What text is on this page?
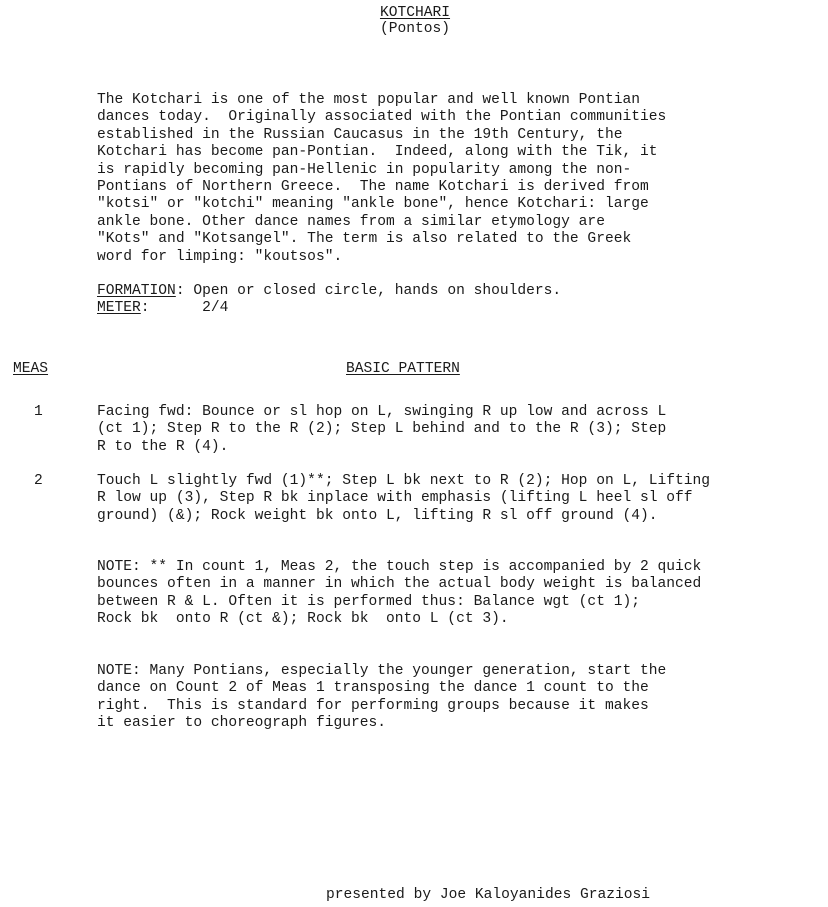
KOTCHARI
(Pontos)
The Kotchari is one of the most popular and well known Pontian
dances today.  Originally associated with the Pontian communities
established in the Russian Caucasus in the 19th Century, the
Kotchari has become pan-Pontian.  Indeed, along with the Tik, it
is rapidly becoming pan-Hellenic in popularity among the non-
Pontians of Northern Greece.  The name Kotchari is derived from
"kotsi" or "kotchi" meaning "ankle bone", hence Kotchari: large
ankle bone. Other dance names from a similar etymology are
"Kots" and "Kotsangel". The term is also related to the Greek
word for limping: "koutsos".
FORMATION: Open or closed circle, hands on shoulders.
METER:      2/4
MEAS	BASIC PATTERN
1	Facing fwd: Bounce or sl hop on L, swinging R up low and across L
(ct 1); Step R to the R (2); Step L behind and to the R (3); Step
R to the R (4).
2	Touch L slightly fwd (1)**; Step L bk next to R (2); Hop on L, Lifting
R low up (3), Step R bk inplace with emphasis (lifting L heel sl off
ground) (&); Rock weight bk onto L, lifting R sl off ground (4).
NOTE: ** In count 1, Meas 2, the touch step is accompanied by 2 quick
bounces often in a manner in which the actual body weight is balanced
between R & L. Often it is performed thus: Balance wgt (ct 1);
Rock bk  onto R (ct &); Rock bk  onto L (ct 3).
NOTE: Many Pontians, especially the younger generation, start the
dance on Count 2 of Meas 1 transposing the dance 1 count to the
right.  This is standard for performing groups because it makes
it easier to choreograph figures.
presented by Joe Kaloyanides Graziosi
